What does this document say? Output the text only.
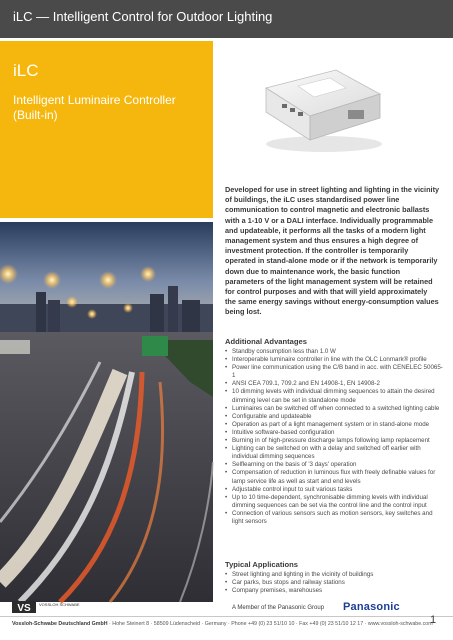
iLC — Intelligent Control for Outdoor Lighting
iLC
Intelligent Luminaire Controller (Built-in)
Developed for use in street lighting and lighting in the vicinity of buildings, the iLC uses standardised power line communication to control magnetic and electronic ballasts with a 1-10 V or a DALI interface. Individually programmable and updateable, it performs all the tasks of a modern light management system and thus ensures a high degree of investment protection. If the controller is temporarily operated in stand-alone mode or if the network is temporarily down due to maintenance work, the basic function parameters of the light management system will be retained for control purposes and with that will yield approximately the same energy savings without energy-consumption values being lost.
Additional Advantages
• Standby consumption less than 1.0 W
• Interoperable luminaire controller in line with the OLC Lonmark® profile
• Power line communication using the C/B band in acc. with CENELEC 50065-1
• ANSI CEA 709.1, 709.2 and EN 14908-1, EN 14908-2
• 10 dimming levels with individual dimming sequences to attain the desired dimming level can be set in standalone mode
• Luminaires can be switched off when connected to a switched lighting cable
• Configurable and updateable
• Operation as part of a light management system or in stand-alone mode
• Intuitive software-based configuration
• Burning in of high-pressure discharge lamps following lamp replacement
• Lighting can be switched on with a delay and switched off earlier with individual dimming sequences
• Selflearning on the basis of '3 days' operation
• Compensation of reduction in luminous flux with freely definable values for lamp service life as well as start and end levels
• Adjustable control input to suit various tasks
• Up to 10 time-dependent, synchronisable dimming levels with individual dimming sequences can be set via the control line and the control input
• Connection of various sensors such as motion sensors, key switches and light sensors
Typical Applications
• Street lighting and lighting in the vicinity of buildings
• Car parks, bus stops and railway stations
• Company premises, warehouses
VS VOSSLOH SCHWABE
A Member of the Panasonic Group Panasonic
Vossloh-Schwabe Deutschland GmbH · Hohe Steinert 8 · 58509 Lüdenscheid · Germany · Phone +49 (0) 23 51/10 10 · Fax +49 (0) 23 51/10 12 17 · www.vossloh-schwabe.com
1
